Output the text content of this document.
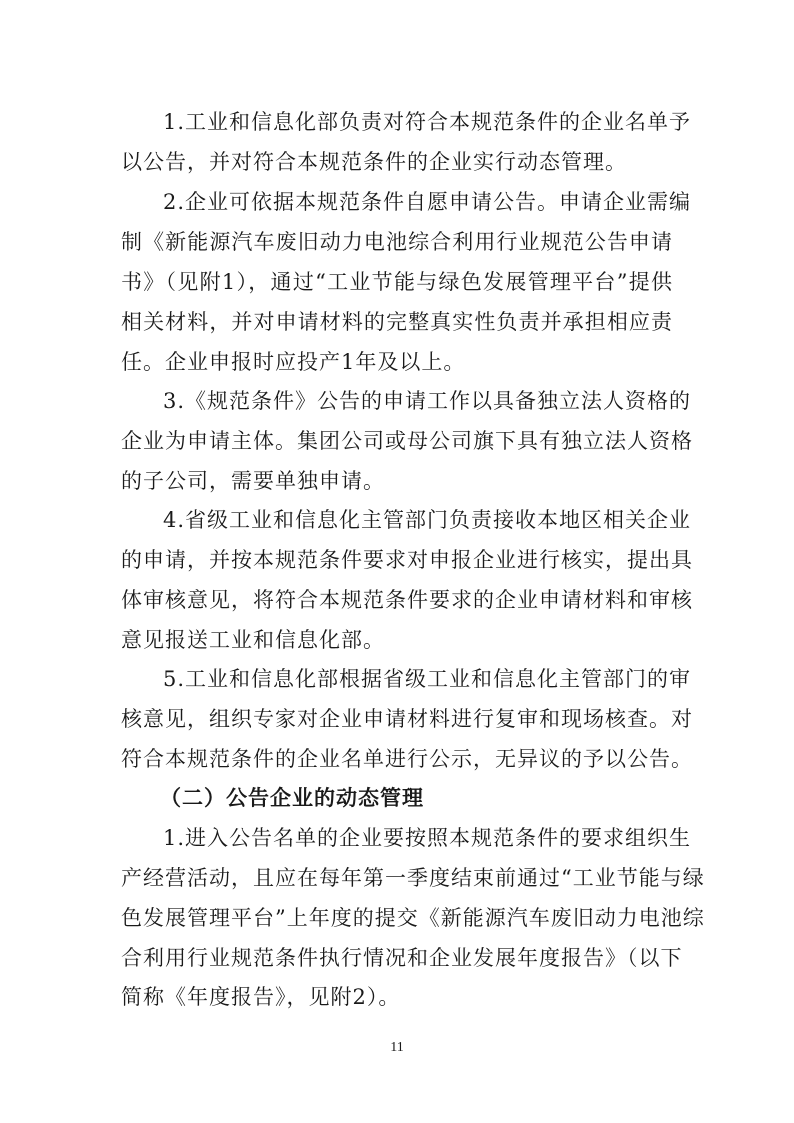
1.工业和信息化部负责对符合本规范条件的企业名单予
以公告，并对符合本规范条件的企业实行动态管理。
2.企业可依据本规范条件自愿申请公告。申请企业需编
制《新能源汽车废旧动力电池综合利用行业规范公告申请
书》（见附1），通过“工业节能与绿色发展管理平台”提供
相关材料，并对申请材料的完整真实性负责并承担相应责
任。企业申报时应投产1年及以上。
3.《规范条件》公告的申请工作以具备独立法人资格的
企业为申请主体。集团公司或母公司旗下具有独立法人资格
的子公司，需要单独申请。
4.省级工业和信息化主管部门负责接收本地区相关企业
的申请，并按本规范条件要求对申报企业进行核实，提出具
体审核意见，将符合本规范条件要求的企业申请材料和审核
意见报送工业和信息化部。
5.工业和信息化部根据省级工业和信息化主管部门的审
核意见，组织专家对企业申请材料进行复审和现场核查。对
符合本规范条件的企业名单进行公示，无异议的予以公告。
（二）公告企业的动态管理
1.进入公告名单的企业要按照本规范条件的要求组织生
产经营活动，且应在每年第一季度结束前通过“工业节能与绿
色发展管理平台”上年度的提交《新能源汽车废旧动力电池综
合利用行业规范条件执行情况和企业发展年度报告》（以下
简称《年度报告》，见附2）。
11
